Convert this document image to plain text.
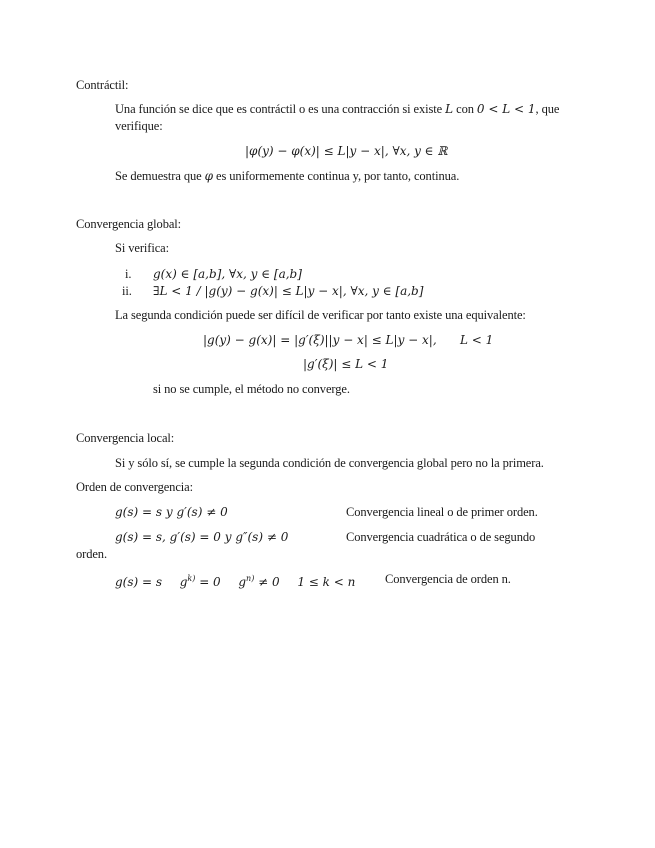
Contráctil:
Una función se dice que es contráctil o es una contracción si existe L con 0 < L < 1, que
verifique:
|φ(y) − φ(x)| ≤ L|y − x|, ∀x, y ∈ ℝ
Se demuestra que φ es uniformemente continua y, por tanto, continua.
Convergencia global:
Si verifica:
i. g(x) ∈ [a,b], ∀x, y ∈ [a,b]
ii. ∃L < 1 / |g(y) − g(x)| ≤ L|y − x|, ∀x, y ∈ [a,b]
La segunda condición puede ser difícil de verificar por tanto existe una equivalente:
|g(y) − g(x)| = |g′(ξ)||y − x| ≤ L|y − x|, L < 1
|g′(ξ)| ≤ L < 1
si no se cumple, el método no converge.
Convergencia local:
Si y sólo sí, se cumple la segunda condición de convergencia global pero no la primera.
Orden de convergencia:
g(s) = s y g′(s) ≠ 0	Convergencia lineal o de primer orden.
g(s) = s, g′(s) = 0 y g″(s) ≠ 0	Convergencia cuadrática o de segundo
orden.
g(s) = s $g^{k)} = 0$ $g^{n)} \ne 0$ 1 ≤ k < n Convergencia de orden n.
